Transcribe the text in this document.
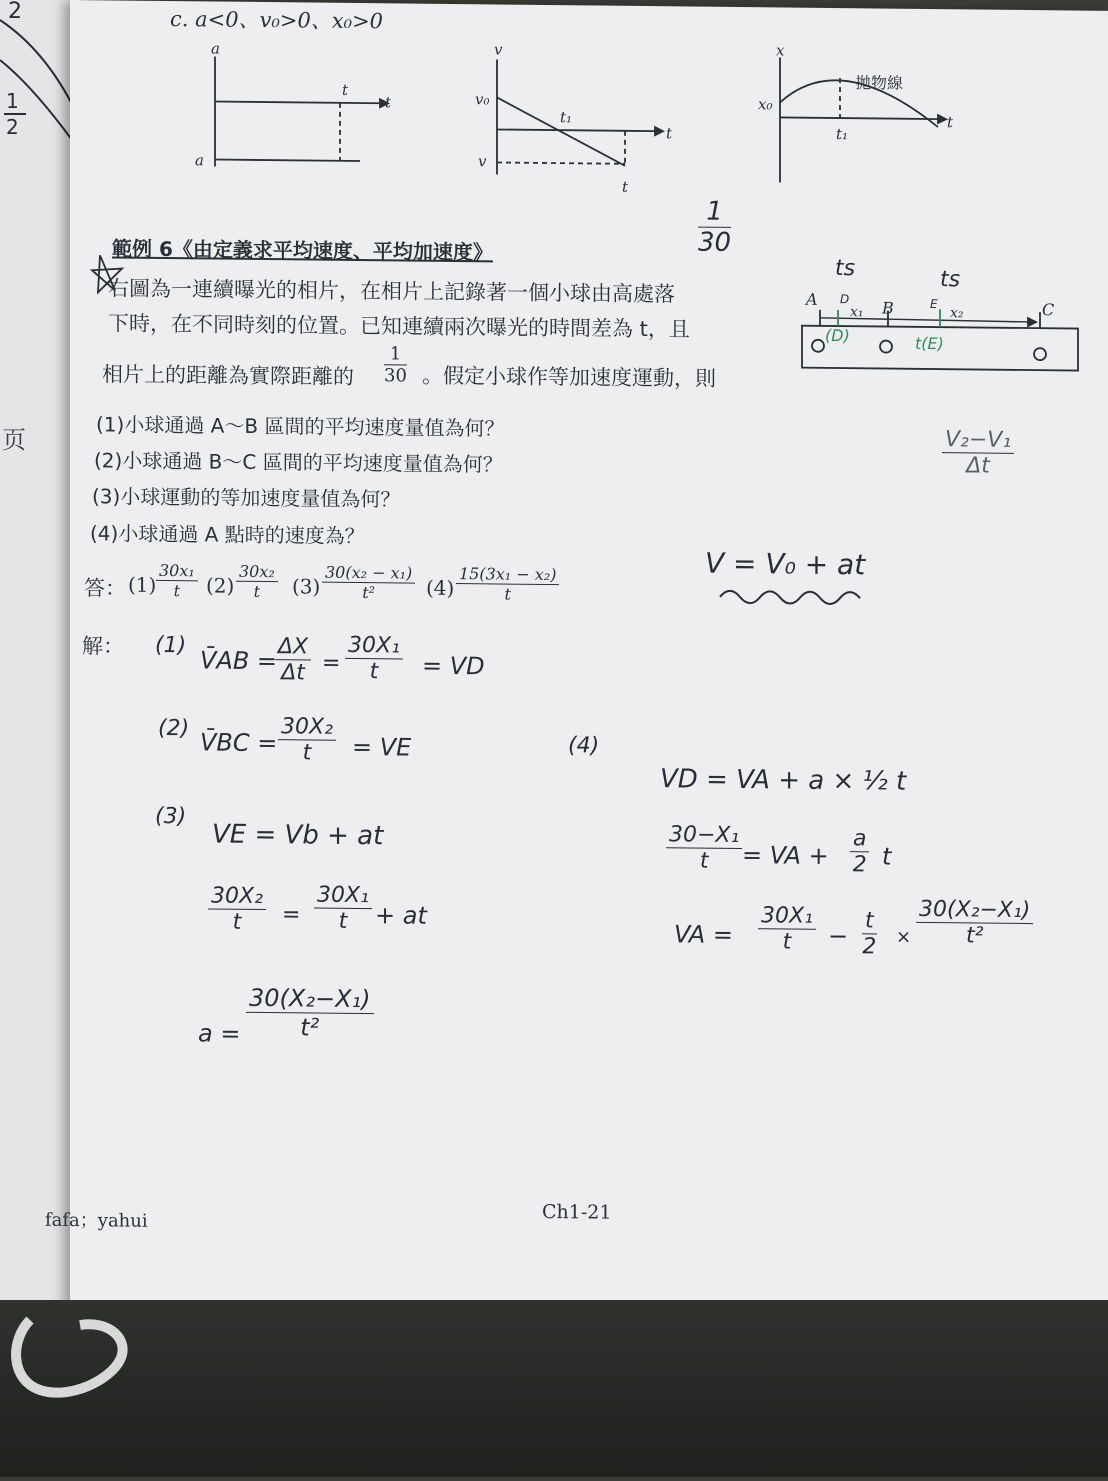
2
1
2
页
c. a<0、v₀>0、x₀>0
a
t
t
a
v
t
v₀
t₁
v
t
x
t
x₀
t₁
拋物線
$\frac{1}{30}$
範例 6《由定義求平均速度、平均加速度》
右圖為一連續曝光的相片，在相片上記錄著一個小球由高處落
下時，在不同時刻的位置。已知連續兩次曝光的時間差為 t，且
相片上的距離為實際距離的 $\frac{1}{30}$ 。假定小球作等加速度運動，則
A	B	C
x₁	x₂
ts	ts
D	E
(D)	t(E)
(1)小球通過 A～B 區間的平均速度量值為何？
(2)小球通過 B～C 區間的平均速度量值為何？
(3)小球運動的等加速度量值為何？
(4)小球通過 A 點時的速度為？
$\frac{\text{V₂−V₁}}{\Delta t}$
V = V₀ + at
答： $(1) \frac{\text{30x₁}}{t} (2) \frac{\text{30x₂}}{t} (3) \frac{\text{30(x₂ − x₁)}}{\text{t²}} (4) \frac{\text{15(3x₁ − x₂)}}{t}$
解： (1)
V̄AB =
$\frac{\Delta X}{\Delta t} = \frac{\text{30X₁}}{t}$ = VD
(2) V̄BC = $\frac{\text{30X₂}}{t}$ = VE
(3)
VE = Vb + at
$\frac{\text{30X₂}}{t} = \frac{\text{30X₁}}{t}$ + at
$a = \frac{\text{30(X₂−X₁)}}{\text{t²}}$
(4)
VD = VA + a × ½ t
$\frac{\text{30−X₁}}{t}$ = VA + $\frac{a}{2}$ t
VA = $\frac{\text{30X₁}}{t} - \frac{t}{2} \times \frac{\text{30(X₂−X₁)}}{\text{t²}}$
fafa；yahui	Ch1-21
